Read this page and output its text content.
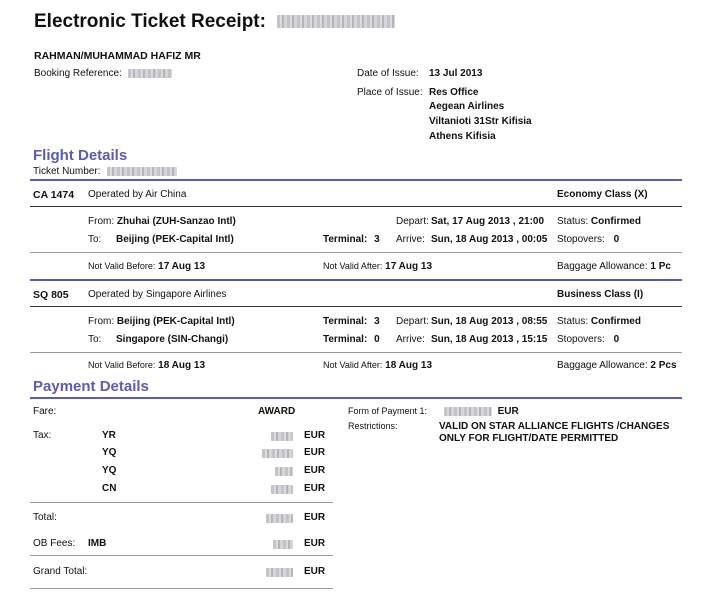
Electronic Ticket Receipt:
RAHMAN/MUHAMMAD HAFIZ MR
Booking Reference:	Date of Issue: 13 Jul 2013
Place of Issue: Res Office
Aegean Airlines
Viltanioti 31Str Kifisia
Athens Kifisia
Flight Details
Ticket Number:
CA 1474 Operated by Air China	Economy Class (X)
From: Zhuhai (ZUH-Sanzao Intl)	Depart: Sat, 17 Aug 2013 , 21:00 Status: Confirmed
To: Beijing (PEK-Capital Intl)	Terminal: 3 Arrive: Sun, 18 Aug 2013 , 00:05 Stopovers: 0
Not Valid Before: 17 Aug 13	Not Valid After: 17 Aug 13	Baggage Allowance: 1 Pc
SQ 805 Operated by Singapore Airlines	Business Class (I)
From: Beijing (PEK-Capital Intl)	Terminal: 3 Depart: Sun, 18 Aug 2013 , 08:55 Status: Confirmed
To: Singapore (SIN-Changi)	Terminal: 0 Arrive: Sun, 18 Aug 2013 , 15:15 Stopovers: 0
Not Valid Before: 18 Aug 13	Not Valid After: 18 Aug 13	Baggage Allowance: 2 Pcs
Payment Details
Fare:	AWARD	Form of Payment 1:	EUR
Restrictions:	VALID ON STAR ALLIANCE FLIGHTS /CHANGES
ONLY FOR FLIGHT/DATE PERMITTED
Tax:	YR	EUR
YQ	EUR
YQ	EUR
CN	EUR
Total:	EUR
OB Fees: IMB	EUR
Grand Total:	EUR
